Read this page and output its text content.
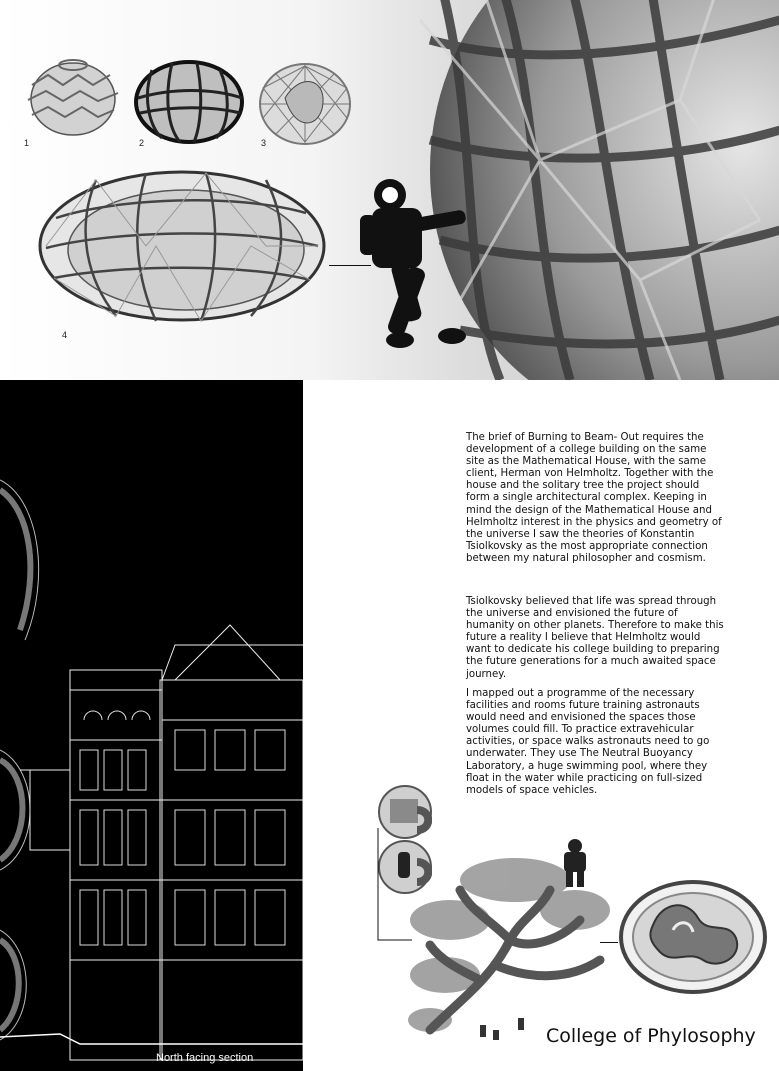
1	2	3
4
North facing section

The brief of Burning to Beam- Out requires the development of a college building on the same site as the Mathematical House, with the same client, Herman von Helmholtz. Together with the house and the solitary tree the project should form a single architectural complex. Keeping in mind the design of the Mathematical House and Helmholtz interest in the physics and geometry of the universe I saw the theories of Konstantin Tsiolkovsky as the most appropriate connection between my natural philosopher and cosmism.

Tsiolkovsky believed that life was spread through the universe and envisioned the future of humanity on other planets. Therefore to make this future a reality I believe that Helmholtz would want to dedicate his college building to preparing the future generations for a much awaited space journey.

I mapped out a programme of the necessary facilities and rooms future training astronauts would need and envisioned the spaces those volumes could fill. To practice extravehicular activities, or space walks astronauts need to go underwater. They use The Neutral Buoyancy Laboratory, a huge swimming pool, where they float in the water while practicing on full-sized models of space vehicles.

College of Phylosophy
